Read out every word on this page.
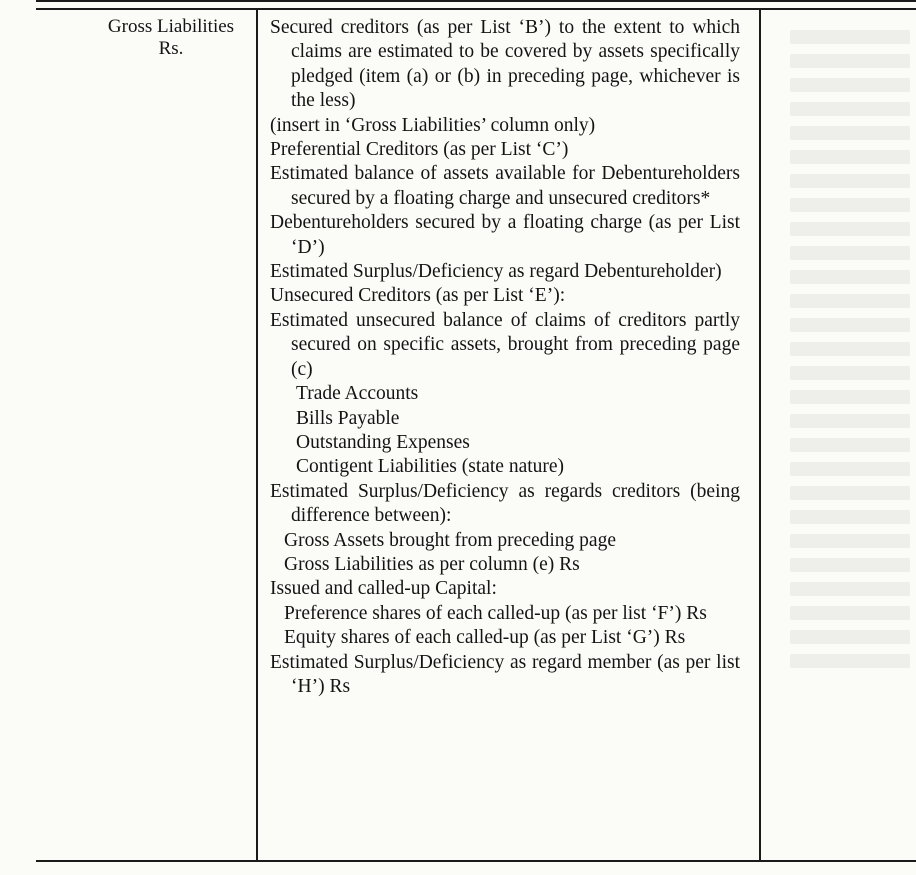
Gross Liabilities
Rs.
Secured creditors (as per List ‘B’) to the extent to which claims are estimated to be covered by assets specifically pledged (item (a) or (b) in preceding page, whichever is the less)
(insert in ‘Gross Liabilities’ column only)
Preferential Creditors (as per List ‘C’)
Estimated balance of assets available for Debentureholders secured by a floating charge and unsecured creditors*
Debentureholders secured by a floating charge (as per List ‘D’)
Estimated Surplus/Deficiency as regard Debentureholder)
Unsecured Creditors (as per List ‘E’):
Estimated unsecured balance of claims of creditors partly secured on specific assets, brought from preceding page (c)
Trade Accounts
Bills Payable
Outstanding Expenses
Contigent Liabilities (state nature)
Estimated Surplus/Deficiency as regards creditors (being difference between):
Gross Assets brought from preceding page
Gross Liabilities as per column (e) Rs
Issued and called-up Capital:
Preference shares of each called-up (as per list ‘F’) Rs
Equity shares of each called-up (as per List ‘G’) Rs
Estimated Surplus/Deficiency as regard member (as per list ‘H’) Rs
